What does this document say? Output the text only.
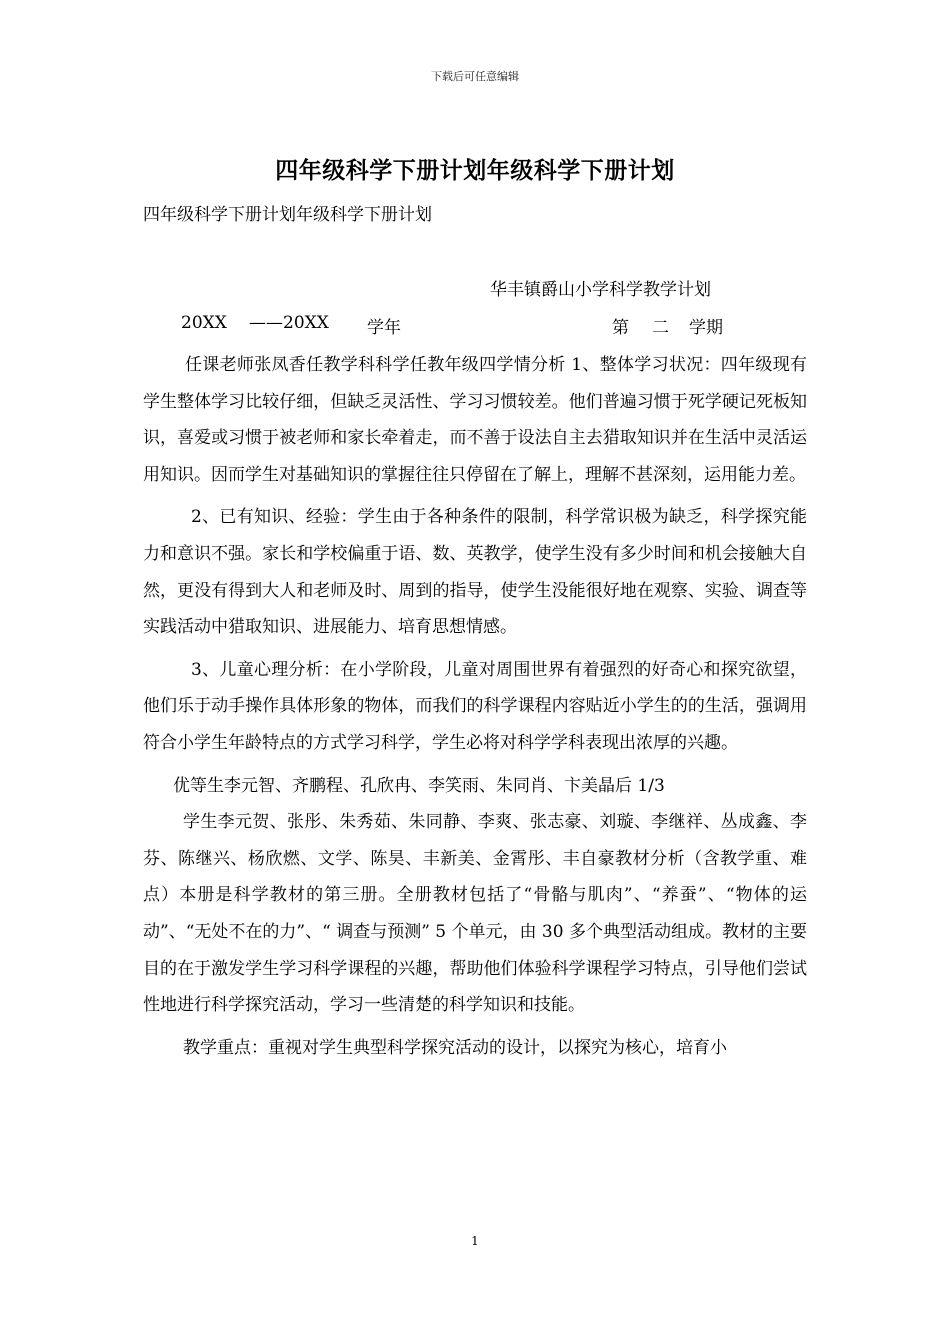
下载后可任意编辑
四年级科学下册计划年级科学下册计划
四年级科学下册计划年级科学下册计划
华丰镇爵山小学科学教学计划
20XX ——20XX 学年	第 二 学期

任课老师张凤香任教学科科学任教年级四学情分析 1、整体学习状况：四年级现有学生整体学习比较仔细，但缺乏灵活性、学习习惯较差。他们普遍习惯于死学硬记死板知识，喜爱或习惯于被老师和家长牵着走，而不善于设法自主去猎取知识并在生活中灵活运用知识。因而学生对基础知识的掌握往往只停留在了解上，理解不甚深刻，运用能力差。

2、已有知识、经验：学生由于各种条件的限制，科学常识极为缺乏，科学探究能力和意识不强。家长和学校偏重于语、数、英教学，使学生没有多少时间和机会接触大自然，更没有得到大人和老师及时、周到的指导，使学生没能很好地在观察、实验、调查等实践活动中猎取知识、进展能力、培育思想情感。

3、儿童心理分析：在小学阶段，儿童对周围世界有着强烈的好奇心和探究欲望，他们乐于动手操作具体形象的物体，而我们的科学课程内容贴近小学生的的生活，强调用符合小学生年龄特点的方式学习科学，学生必将对科学学科表现出浓厚的兴趣。

优等生李元智、齐鹏程、孔欣冉、李笑雨、朱同肖、卞美晶后 1/3

学生李元贺、张彤、朱秀茹、朱同静、李爽、张志豪、刘璇、李继祥、丛成鑫、李芬、陈继兴、杨欣燃、文学、陈昊、丰新美、金霄彤、丰自豪教材分析（含教学重、难点）本册是科学教材的第三册。全册教材包括了“骨骼与肌肉”、“养蚕”、“物体的运动”、“无处不在的力”、“ 调查与预测” 5 个单元，由 30 多个典型活动组成。教材的主要目的在于激发学生学习科学课程的兴趣，帮助他们体验科学课程学习特点，引导他们尝试性地进行科学探究活动，学习一些清楚的科学知识和技能。

教学重点：重视对学生典型科学探究活动的设计，以探究为核心，培育小

1
